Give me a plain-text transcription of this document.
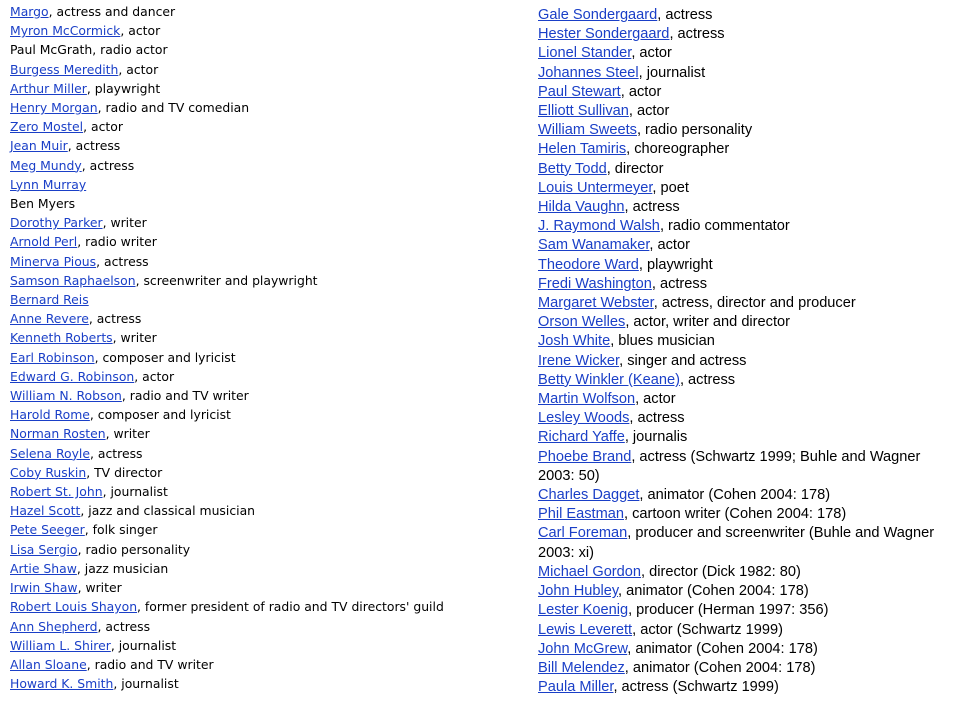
Margo, actress and dancer
Myron McCormick, actor
Paul McGrath, radio actor
Burgess Meredith, actor
Arthur Miller, playwright
Henry Morgan, radio and TV comedian
Zero Mostel, actor
Jean Muir, actress
Meg Mundy, actress
Lynn Murray
Ben Myers
Dorothy Parker, writer
Arnold Perl, radio writer
Minerva Pious, actress
Samson Raphaelson, screenwriter and playwright
Bernard Reis
Anne Revere, actress
Kenneth Roberts, writer
Earl Robinson, composer and lyricist
Edward G. Robinson, actor
William N. Robson, radio and TV writer
Harold Rome, composer and lyricist
Norman Rosten, writer
Selena Royle, actress
Coby Ruskin, TV director
Robert St. John, journalist
Hazel Scott, jazz and classical musician
Pete Seeger, folk singer
Lisa Sergio, radio personality
Artie Shaw, jazz musician
Irwin Shaw, writer
Robert Louis Shayon, former president of radio and TV directors' guild
Ann Shepherd, actress
William L. Shirer, journalist
Allan Sloane, radio and TV writer
Howard K. Smith, journalist
Gale Sondergaard, actress
Hester Sondergaard, actress
Lionel Stander, actor
Johannes Steel, journalist
Paul Stewart, actor
Elliott Sullivan, actor
William Sweets, radio personality
Helen Tamiris, choreographer
Betty Todd, director
Louis Untermeyer, poet
Hilda Vaughn, actress
J. Raymond Walsh, radio commentator
Sam Wanamaker, actor
Theodore Ward, playwright
Fredi Washington, actress
Margaret Webster, actress, director and producer
Orson Welles, actor, writer and director
Josh White, blues musician
Irene Wicker, singer and actress
Betty Winkler (Keane), actress
Martin Wolfson, actor
Lesley Woods, actress
Richard Yaffe, journalis
Phoebe Brand, actress (Schwartz 1999; Buhle and Wagner 2003: 50)
Charles Dagget, animator (Cohen 2004: 178)
Phil Eastman, cartoon writer (Cohen 2004: 178)
Carl Foreman, producer and screenwriter (Buhle and Wagner 2003: xi)
Michael Gordon, director (Dick 1982: 80)
John Hubley, animator (Cohen 2004: 178)
Lester Koenig, producer (Herman 1997: 356)
Lewis Leverett, actor (Schwartz 1999)
John McGrew, animator (Cohen 2004: 178)
Bill Melendez, animator (Cohen 2004: 178)
Paula Miller, actress (Schwartz 1999)
